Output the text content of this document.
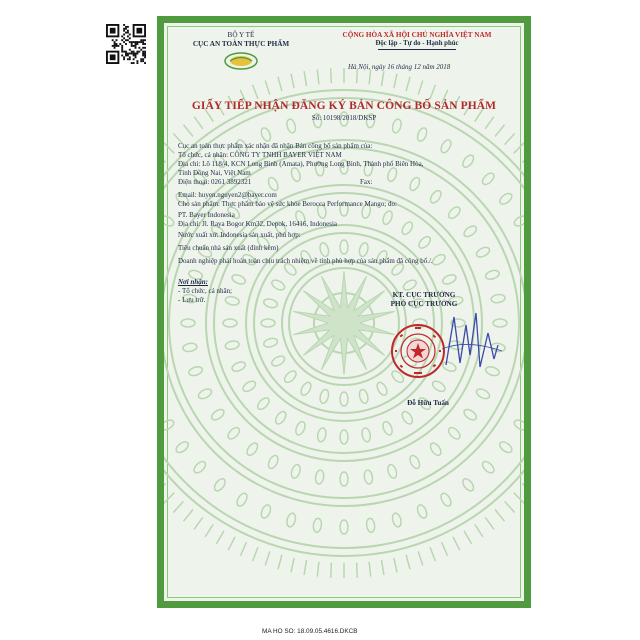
BỘ Y TẾ
CỤC AN TOÀN THỰC PHẨM
CỘNG HÒA XÃ HỘI CHỦ NGHĨA VIỆT NAM
Độc lập - Tự do - Hạnh phúc
Hà Nội, ngày 16 tháng 12 năm 2018
GIẤY TIẾP NHẬN ĐĂNG KÝ BẢN CÔNG BỐ SẢN PHẨM
Số: 10198/2018/DKSP
Cục an toàn thực phẩm xác nhận đã nhận Bản công bố sản phẩm của:
Tổ chức, cá nhân: CÔNG TY TNHH BAYER VIỆT NAM
Địa chỉ: Lô 118/4, KCN Long Bình (Amata), Phường Long Bình, Thành phố Biên Hòa,
Tỉnh Đồng Nai, Việt Nam
Điện thoại: 0261 3892321	Fax:
Email: huyen.nguyen2@bayer.com
Cho sản phẩm: Thực phẩm bảo vệ sức khỏe Berocca Performance Mango; do:
PT. Bayer Indonesia
Địa chỉ: Jl. Raya Bogor Km32, Depok, 16416, Indonesia
Nước xuất xứ: Indonesia sản xuất, phù hợp:
Tiêu chuẩn nhà sản xuất (đính kèm)
Doanh nghiệp phải hoàn toàn chịu trách nhiệm về tính phù hợp của sản phẩm đã công bố./.
Nơi nhận:
- Tổ chức, cá nhân;
- Lưu trữ.
KT. CỤC TRƯỞNG
PHÓ CỤC TRƯỞNG
Đỗ Hữu Tuấn
MA HO SO: 18.09.05.4616.DKCB
